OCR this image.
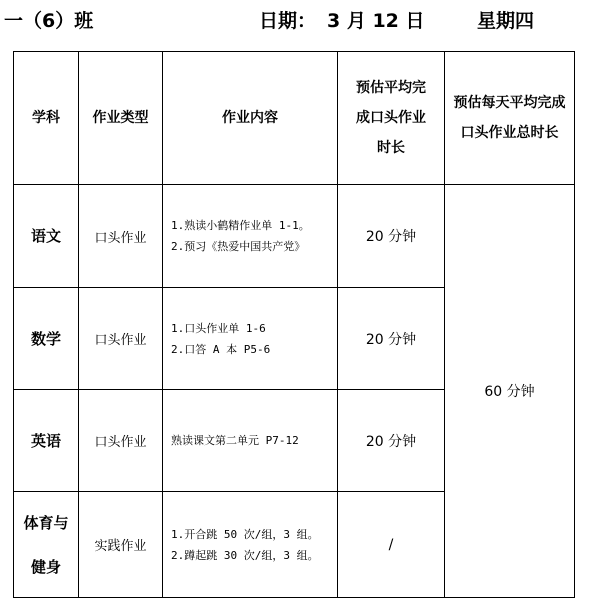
一（6）班	日期： 3 月 12 日	星期四
学科	作业类型	作业内容	预估平均完
成口头作业
时长	预估每天平均完成
口头作业总时长

语文	口头作业	1.熟读小鹤精作业单 1-1。
2.预习《热爱中国共产党》	20 分钟	60 分钟

数学	口头作业	1.口头作业单 1-6
2.口答 A 本 P5-6	20 分钟	

英语	口头作业	熟读课文第二单元 P7-12	20 分钟	

体育与
健身	实践作业	1.开合跳 50 次/组，3 组。
2.蹲起跳 30 次/组，3 组。	/	
